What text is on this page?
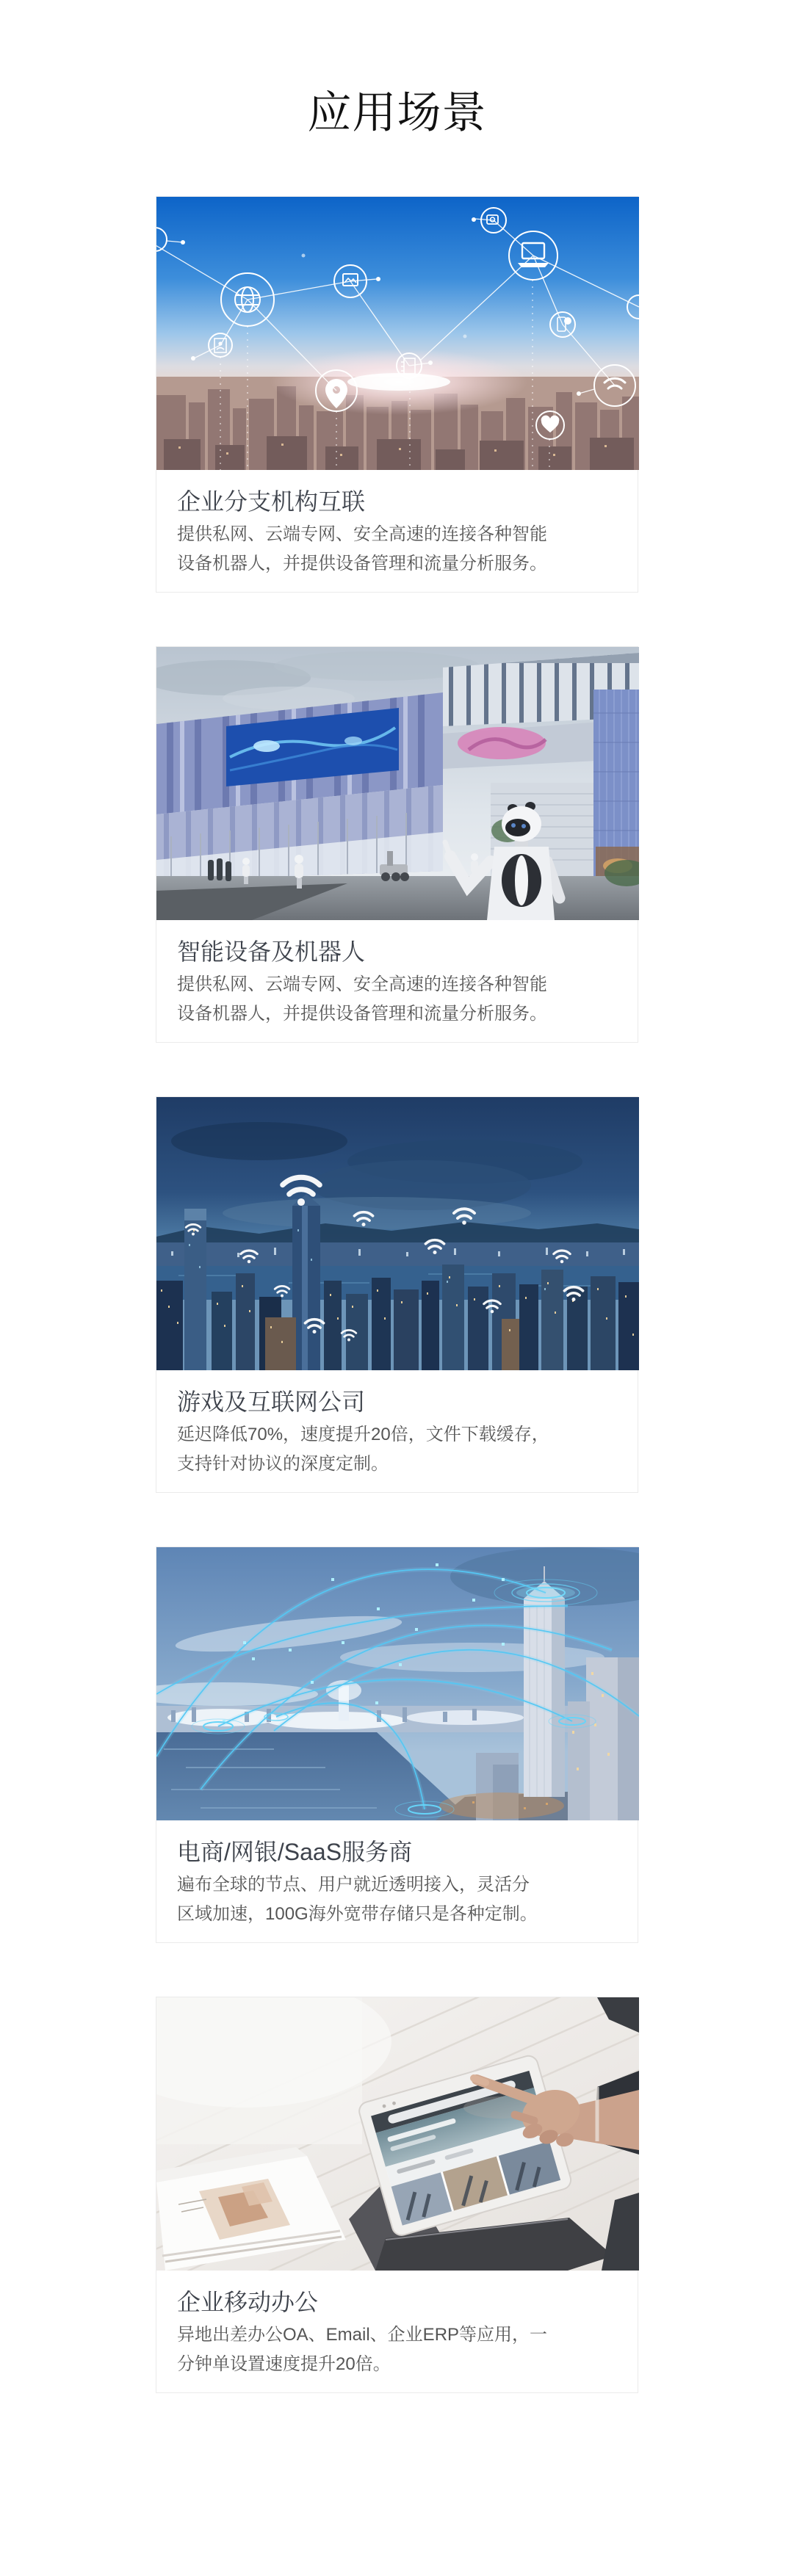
应用场景
企业分支机构互联

提供私网、云端专网、安全高速的连接各种智能

设备机器人，并提供设备管理和流量分析服务。

智能设备及机器人

提供私网、云端专网、安全高速的连接各种智能

设备机器人，并提供设备管理和流量分析服务。

游戏及互联网公司

延迟降低70%，速度提升20倍，文件下载缓存，

支持针对协议的深度定制。

电商/网银/SaaS服务商

遍布全球的节点、用户就近透明接入，灵活分

区域加速，100G海外宽带存储只是各种定制。

企业移动办公

异地出差办公OA、Email、企业ERP等应用，一

分钟单设置速度提升20倍。
